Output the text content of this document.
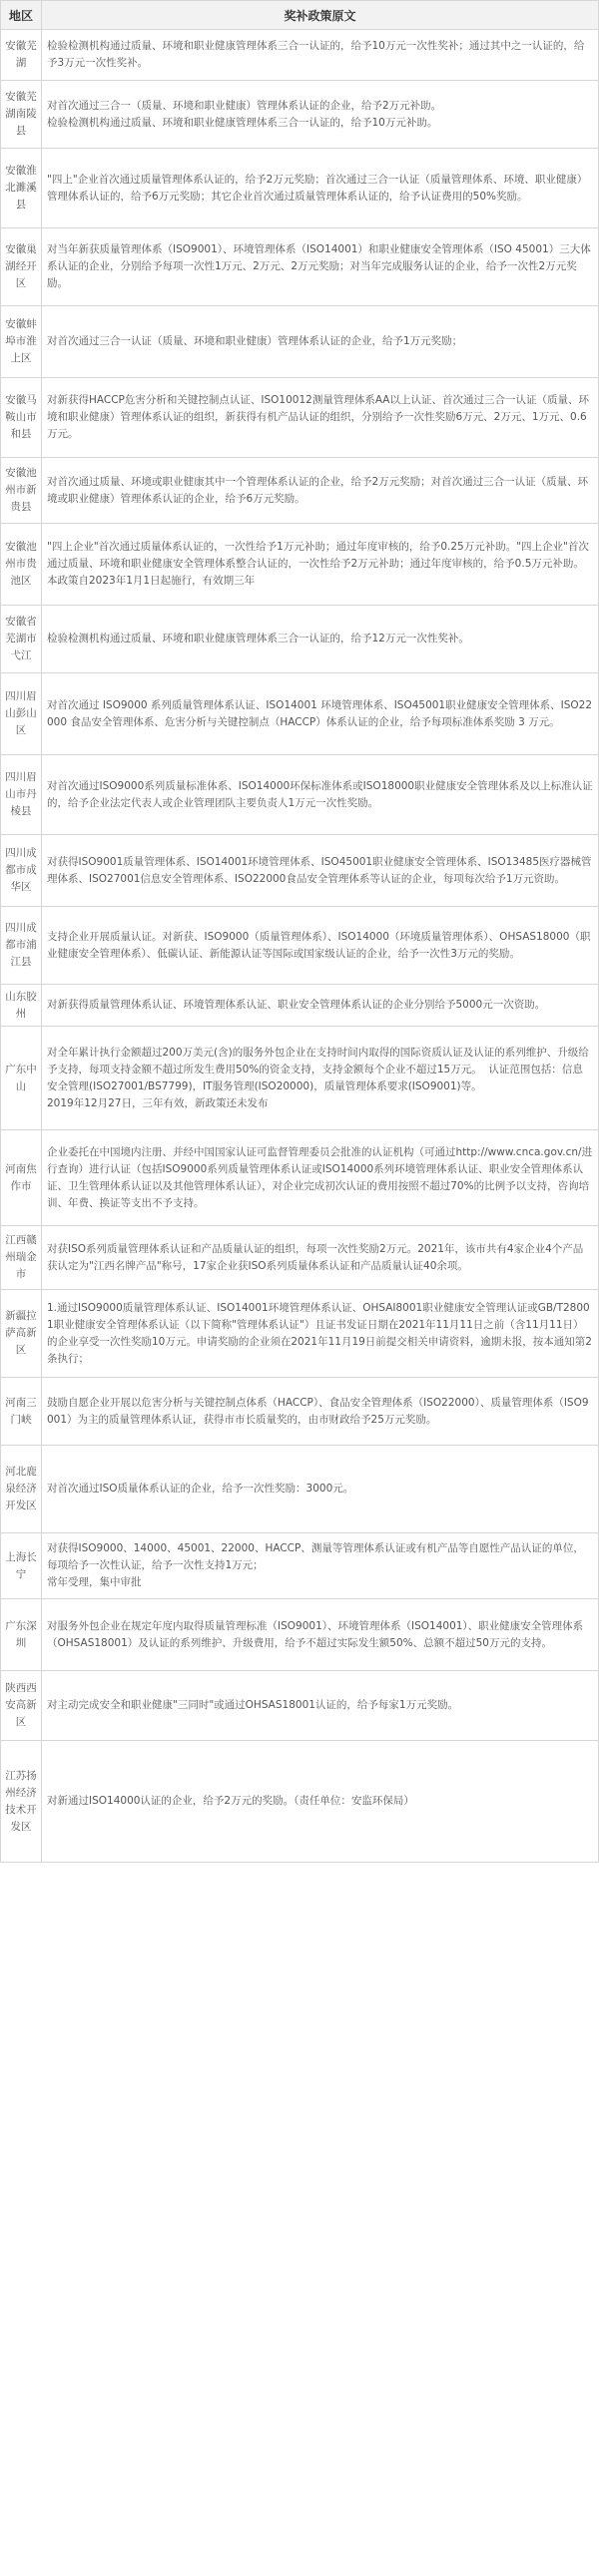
地区	奖补政策原文

安徽芜湖	检验检测机构通过质量、环境和职业健康管理体系三合一认证的，给予10万元一次性奖补；通过其中之一认证的，给予3万元一次性奖补。

安徽芜湖南陵县	对首次通过三合一（质量、环境和职业健康）管理体系认证的企业，给予2万元补助。
检验检测机构通过质量、环境和职业健康管理体系三合一认证的，给予10万元补助。

安徽淮北濉溪县	"四上"企业首次通过质量管理体系认证的，给予2万元奖励；首次通过三合一认证（质量管理体系、环境、职业健康）管理体系认证的，给予6万元奖励；其它企业首次通过质量管理体系认证的，给予认证费用的50%奖励。

安徽巢湖经开区	对当年新获质量管理体系（ISO9001）、环境管理体系（ISO14001）和职业健康安全管理体系（ISO 45001）三大体系认证的企业，分别给予每项一次性1万元、2万元、2万元奖励；对当年完成服务认证的企业，给予一次性2万元奖励。

安徽蚌埠市淮上区	对首次通过三合一认证（质量、环境和职业健康）管理体系认证的企业，给予1万元奖励；

安徽马鞍山市和县	对新获得HACCP危害分析和关键控制点认证、ISO10012测量管理体系AA以上认证、首次通过三合一认证（质量、环境和职业健康）管理体系认证的组织，新获得有机产品认证的组织，分别给予一次性奖励6万元、2万元、1万元、0.6万元。

安徽池州市新贵县	对首次通过质量、环境或职业健康其中一个管理体系认证的企业，给予2万元奖励；对首次通过三合一认证（质量、环境或职业健康）管理体系认证的企业，给予6万元奖励。

安徽池州市贵池区	"四上企业"首次通过质量体系认证的，一次性给予1万元补助；通过年度审核的，给予0.25万元补助。"四上企业"首次通过质量、环境和职业健康安全管理体系整合认证的，一次性给予2万元补助；通过年度审核的，给予0.5万元补助。
本政策自2023年1月1日起施行，有效期三年

安徽省芜湖市弋江	检验检测机构通过质量、环境和职业健康管理体系三合一认证的，给予12万元一次性奖补。

四川眉山彭山区	对首次通过 ISO9000 系列质量管理体系认证、ISO14001 环境管理体系、ISO45001职业健康安全管理体系、ISO22000 食品安全管理体系、危害分析与关键控制点（HACCP）体系认证的企业，给予每项标准体系奖励 3 万元。

四川眉山市丹棱县	对首次通过ISO9000系列质量标准体系、ISO14000环保标准体系或ISO18000职业健康安全管理体系及以上标准认证的，给予企业法定代表人或企业管理团队主要负责人1万元一次性奖励。

四川成都市成华区	对获得ISO9001质量管理体系、ISO14001环境管理体系、ISO45001职业健康安全管理体系、ISO13485医疗器械管理体系、ISO27001信息安全管理体系、ISO22000食品安全管理体系等认证的企业，每项每次给予1万元资助。

四川成都市浦江县	支持企业开展质量认证。对新获、ISO9000（质量管理体系）、ISO14000（环境质量管理体系）、OHSAS18000（职业健康安全管理体系）、低碳认证、新能源认证等国际或国家级认证的企业，给予一次性3万元的奖励。

山东胶州	对新获得质量管理体系认证、环境管理体系认证、职业安全管理体系认证的企业分别给予5000元一次资助。

广东中山	对全年累计执行金额超过200万美元(含)的服务外包企业在支持时间内取得的国际资质认证及认证的系列维护、升级给予支持，每项支持金额不超过所发生费用50%的资金支持，支持金额每个企业不超过15万元。  认证范围包括：信息安全管理(ISO27001/BS7799)，IT服务管理(ISO20000)，质量管理体系要求(ISO9001)等。
2019年12月27日，三年有效，新政策还未发布

河南焦作市	企业委托在中国境内注册、并经中国国家认证可监督管理委员会批准的认证机构（可通过http://www.cnca.gov.cn/进行查询）进行认证（包括ISO9000系列质量管理体系认证或ISO14000系列环境管理体系认证、职业安全管理体系认证、卫生管理体系认证以及其他管理体系认证），对企业完成初次认证的费用按照不超过70%的比例予以支持，咨询培训、年费、换证等支出不予支持。

江西赣州瑞金市	对获ISO系列质量管理体系认证和产品质量认证的组织，每项一次性奖励2万元。2021年，该市共有4家企业4个产品获认定为"江西名牌产品"称号，17家企业获ISO系列质量体系认证和产品质量认证40余项。

新疆拉萨高新区	1.通过ISO9000质量管理体系认证、ISO14001环境管理体系认证、OHSAI8001职业健康安全管理认证或GB/T28001职业健康安全管理体系认证（以下简称"管理体系认证"）且证书发证日期在2021年11月11日之前（含11月11日）的企业享受一次性奖励10万元。申请奖励的企业须在2021年11月19日前提交相关申请资料，逾期未报，按本通知第2条执行；

河南三门峡	鼓励自愿企业开展以危害分析与关键控制点体系（HACCP）、食品安全管理体系（ISO22000）、质量管理体系（ISO9001）为主的质量管理体系认证，获得市市长质量奖的，由市财政给予25万元奖励。

河北鹿泉经济开发区	对首次通过ISO质量体系认证的企业，给予一次性奖励：3000元。

上海长宁	对获得ISO9000、14000、45001、22000、HACCP、测量等管理体系认证或有机产品等自愿性产品认证的单位，每项给予一次性认证，给予一次性支持1万元；
常年受理，集中审批

广东深圳	对服务外包企业在规定年度内取得质量管理标准（ISO9001）、环境管理体系（ISO14001）、职业健康安全管理体系（OHSAS18001）及认证的系列维护、升级费用，给予不超过实际发生额50%、总额不超过50万元的支持。

陕西西安高新区	对主动完成安全和职业健康"三同时"或通过OHSAS18001认证的，给予每家1万元奖励。

江苏扬州经济技术开发区	对新通过ISO14000认证的企业，给予2万元的奖励。（责任单位：安监环保局）
